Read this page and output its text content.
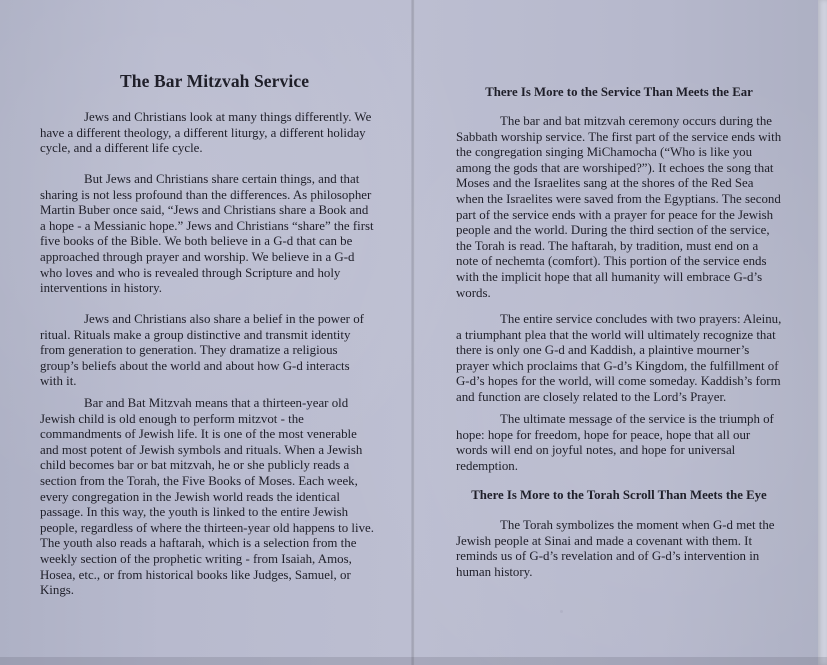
The Bar Mitzvah Service
Jews and Christians look at many things differently. We have a different theology, a different liturgy, a different holiday cycle, and a different life cycle.
But Jews and Christians share certain things, and that sharing is not less profound than the differences. As philosopher Martin Buber once said, “Jews and Christians share a Book and a hope - a Messianic hope.” Jews and Christians “share” the first five books of the Bible. We both believe in a G-d that can be approached through prayer and worship. We believe in a G-d who loves and who is revealed through Scripture and holy interventions in history.
Jews and Christians also share a belief in the power of ritual. Rituals make a group distinctive and transmit identity from generation to generation. They dramatize a religious group’s beliefs about the world and about how G-d interacts with it.
Bar and Bat Mitzvah means that a thirteen-year old Jewish child is old enough to perform mitzvot - the commandments of Jewish life. It is one of the most venerable and most potent of Jewish symbols and rituals. When a Jewish child becomes bar or bat mitzvah, he or she publicly reads a section from the Torah, the Five Books of Moses. Each week, every congregation in the Jewish world reads the identical passage. In this way, the youth is linked to the entire Jewish people, regardless of where the thirteen-year old happens to live. The youth also reads a haftarah, which is a selection from the weekly section of the prophetic writing - from Isaiah, Amos, Hosea, etc., or from historical books like Judges, Samuel, or Kings.
There Is More to the Service Than Meets the Ear
The bar and bat mitzvah ceremony occurs during the Sabbath worship service. The first part of the service ends with the congregation singing MiChamocha (“Who is like you among the gods that are worshiped?”). It echoes the song that Moses and the Israelites sang at the shores of the Red Sea when the Israelites were saved from the Egyptians. The second part of the service ends with a prayer for peace for the Jewish people and the world. During the third section of the service, the Torah is read. The haftarah, by tradition, must end on a note of nechemta (comfort). This portion of the service ends with the implicit hope that all humanity will embrace G-d’s words.
The entire service concludes with two prayers: Aleinu, a triumphant plea that the world will ultimately recognize that there is only one G-d and Kaddish, a plaintive mourner’s prayer which proclaims that G-d’s Kingdom, the fulfillment of G-d’s hopes for the world, will come someday. Kaddish’s form and function are closely related to the Lord’s Prayer.
The ultimate message of the service is the triumph of hope: hope for freedom, hope for peace, hope that all our words will end on joyful notes, and hope for universal redemption.
There Is More to the Torah Scroll Than Meets the Eye
The Torah symbolizes the moment when G-d met the Jewish people at Sinai and made a covenant with them. It reminds us of G-d’s revelation and of G-d’s intervention in human history.
